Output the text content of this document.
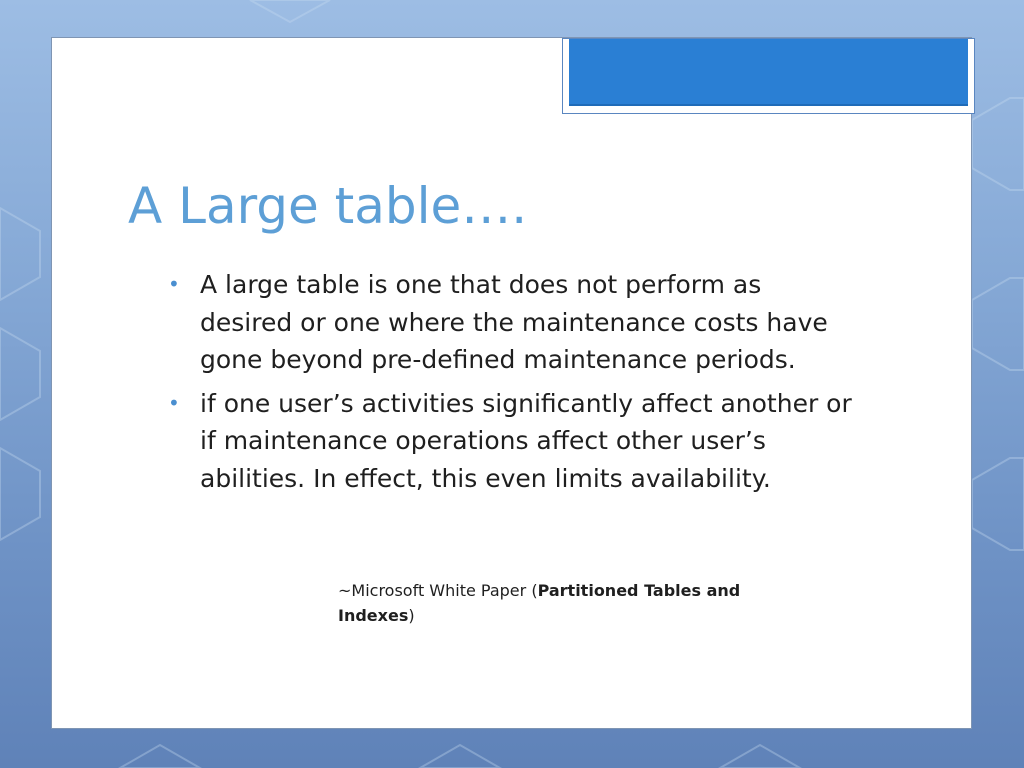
A Large table….
• A large table is one that does not perform as desired or one where the maintenance costs have gone beyond pre-defined maintenance periods.
• if one user’s activities significantly affect another or if maintenance operations affect other user’s abilities. In effect, this even limits availability.
~Microsoft White Paper (Partitioned Tables and Indexes)
